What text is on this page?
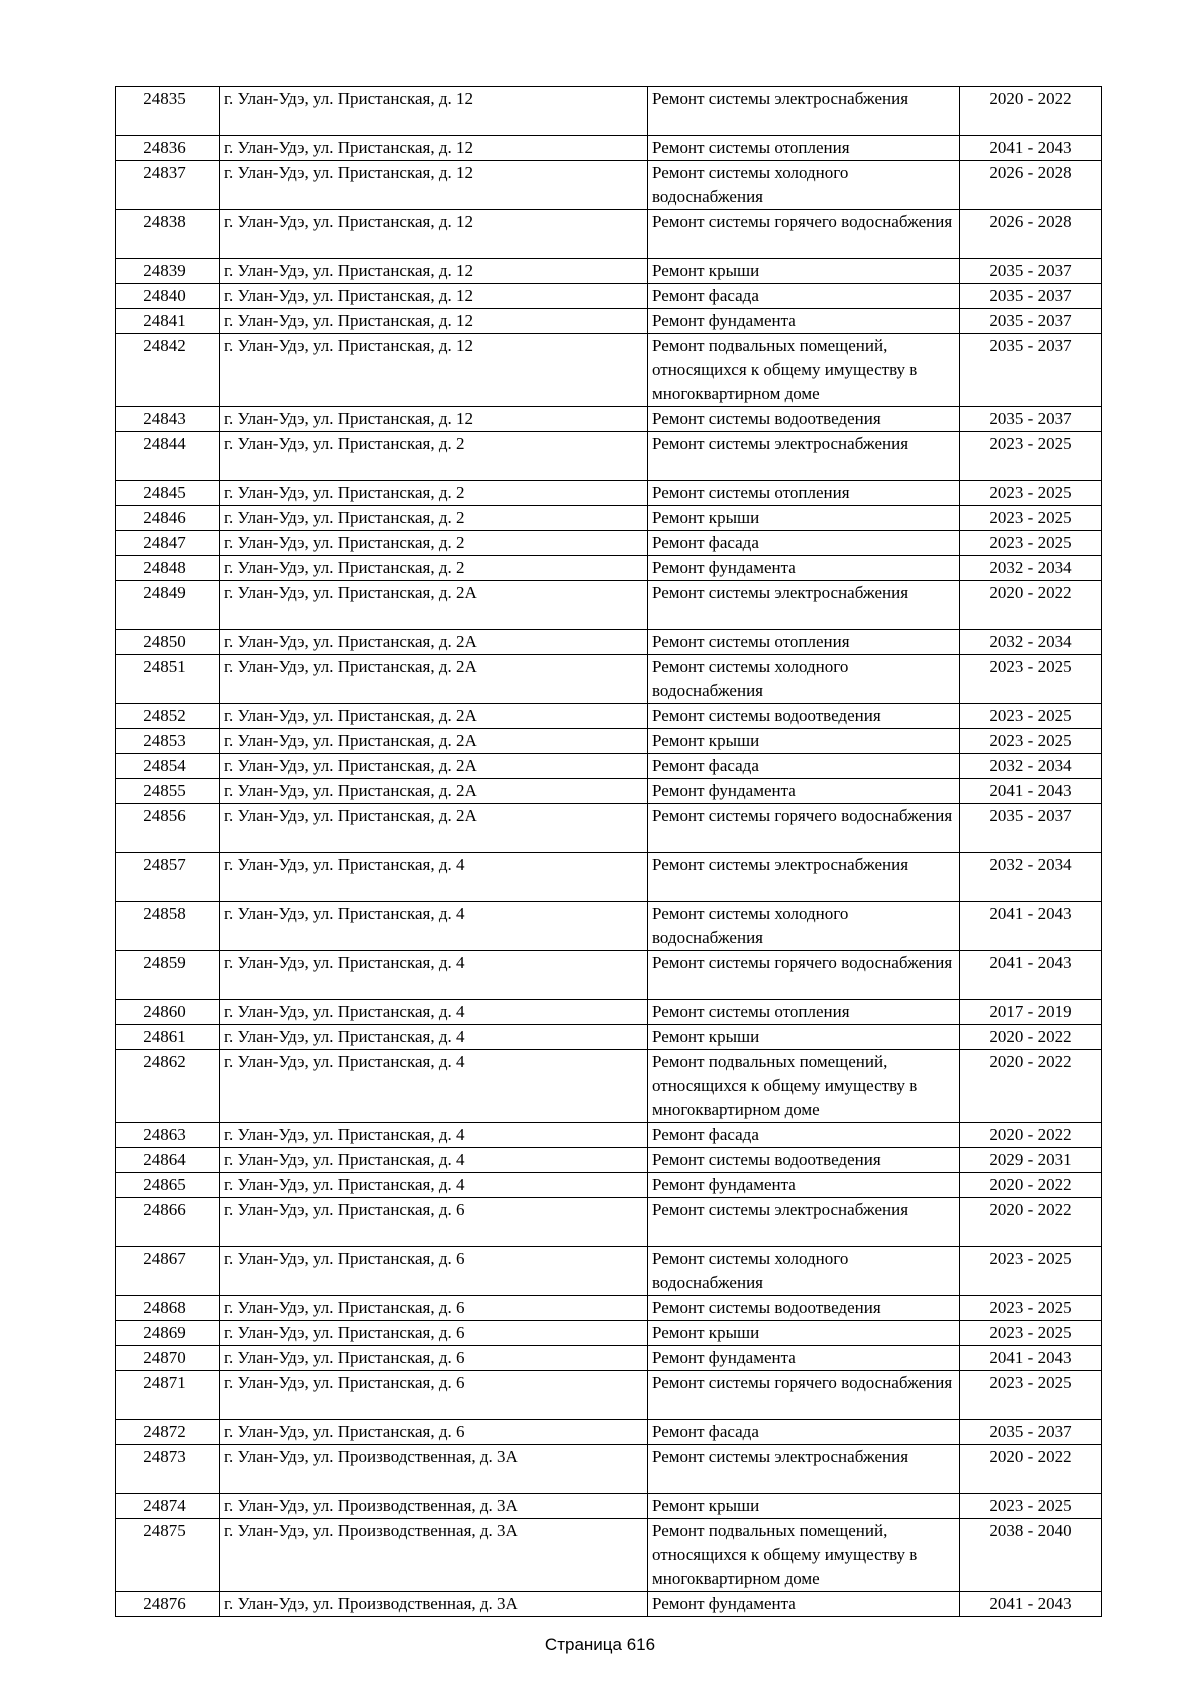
24835	г. Улан-Удэ, ул. Пристанская, д. 12	Ремонт системы электроснабжения	2020 - 2022
24836	г. Улан-Удэ, ул. Пристанская, д. 12	Ремонт системы отопления	2041 - 2043
24837	г. Улан-Удэ, ул. Пристанская, д. 12	Ремонт системы холодного водоснабжения	2026 - 2028
24838	г. Улан-Удэ, ул. Пристанская, д. 12	Ремонт системы горячего водоснабжения	2026 - 2028
24839	г. Улан-Удэ, ул. Пристанская, д. 12	Ремонт крыши	2035 - 2037
24840	г. Улан-Удэ, ул. Пристанская, д. 12	Ремонт фасада	2035 - 2037
24841	г. Улан-Удэ, ул. Пристанская, д. 12	Ремонт фундамента	2035 - 2037
24842	г. Улан-Удэ, ул. Пристанская, д. 12	Ремонт подвальных помещений, относящихся к общему имуществу в многоквартирном доме	2035 - 2037
24843	г. Улан-Удэ, ул. Пристанская, д. 12	Ремонт системы водоотведения	2035 - 2037
24844	г. Улан-Удэ, ул. Пристанская, д. 2	Ремонт системы электроснабжения	2023 - 2025
24845	г. Улан-Удэ, ул. Пристанская, д. 2	Ремонт системы отопления	2023 - 2025
24846	г. Улан-Удэ, ул. Пристанская, д. 2	Ремонт крыши	2023 - 2025
24847	г. Улан-Удэ, ул. Пристанская, д. 2	Ремонт фасада	2023 - 2025
24848	г. Улан-Удэ, ул. Пристанская, д. 2	Ремонт фундамента	2032 - 2034
24849	г. Улан-Удэ, ул. Пристанская, д. 2А	Ремонт системы электроснабжения	2020 - 2022
24850	г. Улан-Удэ, ул. Пристанская, д. 2А	Ремонт системы отопления	2032 - 2034
24851	г. Улан-Удэ, ул. Пристанская, д. 2А	Ремонт системы холодного водоснабжения	2023 - 2025
24852	г. Улан-Удэ, ул. Пристанская, д. 2А	Ремонт системы водоотведения	2023 - 2025
24853	г. Улан-Удэ, ул. Пристанская, д. 2А	Ремонт крыши	2023 - 2025
24854	г. Улан-Удэ, ул. Пристанская, д. 2А	Ремонт фасада	2032 - 2034
24855	г. Улан-Удэ, ул. Пристанская, д. 2А	Ремонт фундамента	2041 - 2043
24856	г. Улан-Удэ, ул. Пристанская, д. 2А	Ремонт системы горячего водоснабжения	2035 - 2037
24857	г. Улан-Удэ, ул. Пристанская, д. 4	Ремонт системы электроснабжения	2032 - 2034
24858	г. Улан-Удэ, ул. Пристанская, д. 4	Ремонт системы холодного водоснабжения	2041 - 2043
24859	г. Улан-Удэ, ул. Пристанская, д. 4	Ремонт системы горячего водоснабжения	2041 - 2043
24860	г. Улан-Удэ, ул. Пристанская, д. 4	Ремонт системы отопления	2017 - 2019
24861	г. Улан-Удэ, ул. Пристанская, д. 4	Ремонт крыши	2020 - 2022
24862	г. Улан-Удэ, ул. Пристанская, д. 4	Ремонт подвальных помещений, относящихся к общему имуществу в многоквартирном доме	2020 - 2022
24863	г. Улан-Удэ, ул. Пристанская, д. 4	Ремонт фасада	2020 - 2022
24864	г. Улан-Удэ, ул. Пристанская, д. 4	Ремонт системы водоотведения	2029 - 2031
24865	г. Улан-Удэ, ул. Пристанская, д. 4	Ремонт фундамента	2020 - 2022
24866	г. Улан-Удэ, ул. Пристанская, д. 6	Ремонт системы электроснабжения	2020 - 2022
24867	г. Улан-Удэ, ул. Пристанская, д. 6	Ремонт системы холодного водоснабжения	2023 - 2025
24868	г. Улан-Удэ, ул. Пристанская, д. 6	Ремонт системы водоотведения	2023 - 2025
24869	г. Улан-Удэ, ул. Пристанская, д. 6	Ремонт крыши	2023 - 2025
24870	г. Улан-Удэ, ул. Пристанская, д. 6	Ремонт фундамента	2041 - 2043
24871	г. Улан-Удэ, ул. Пристанская, д. 6	Ремонт системы горячего водоснабжения	2023 - 2025
24872	г. Улан-Удэ, ул. Пристанская, д. 6	Ремонт фасада	2035 - 2037
24873	г. Улан-Удэ, ул. Производственная, д. 3А	Ремонт системы электроснабжения	2020 - 2022
24874	г. Улан-Удэ, ул. Производственная, д. 3А	Ремонт крыши	2023 - 2025
24875	г. Улан-Удэ, ул. Производственная, д. 3А	Ремонт подвальных помещений, относящихся к общему имуществу в многоквартирном доме	2038 - 2040
24876	г. Улан-Удэ, ул. Производственная, д. 3А	Ремонт фундамента	2041 - 2043
Страница 616
